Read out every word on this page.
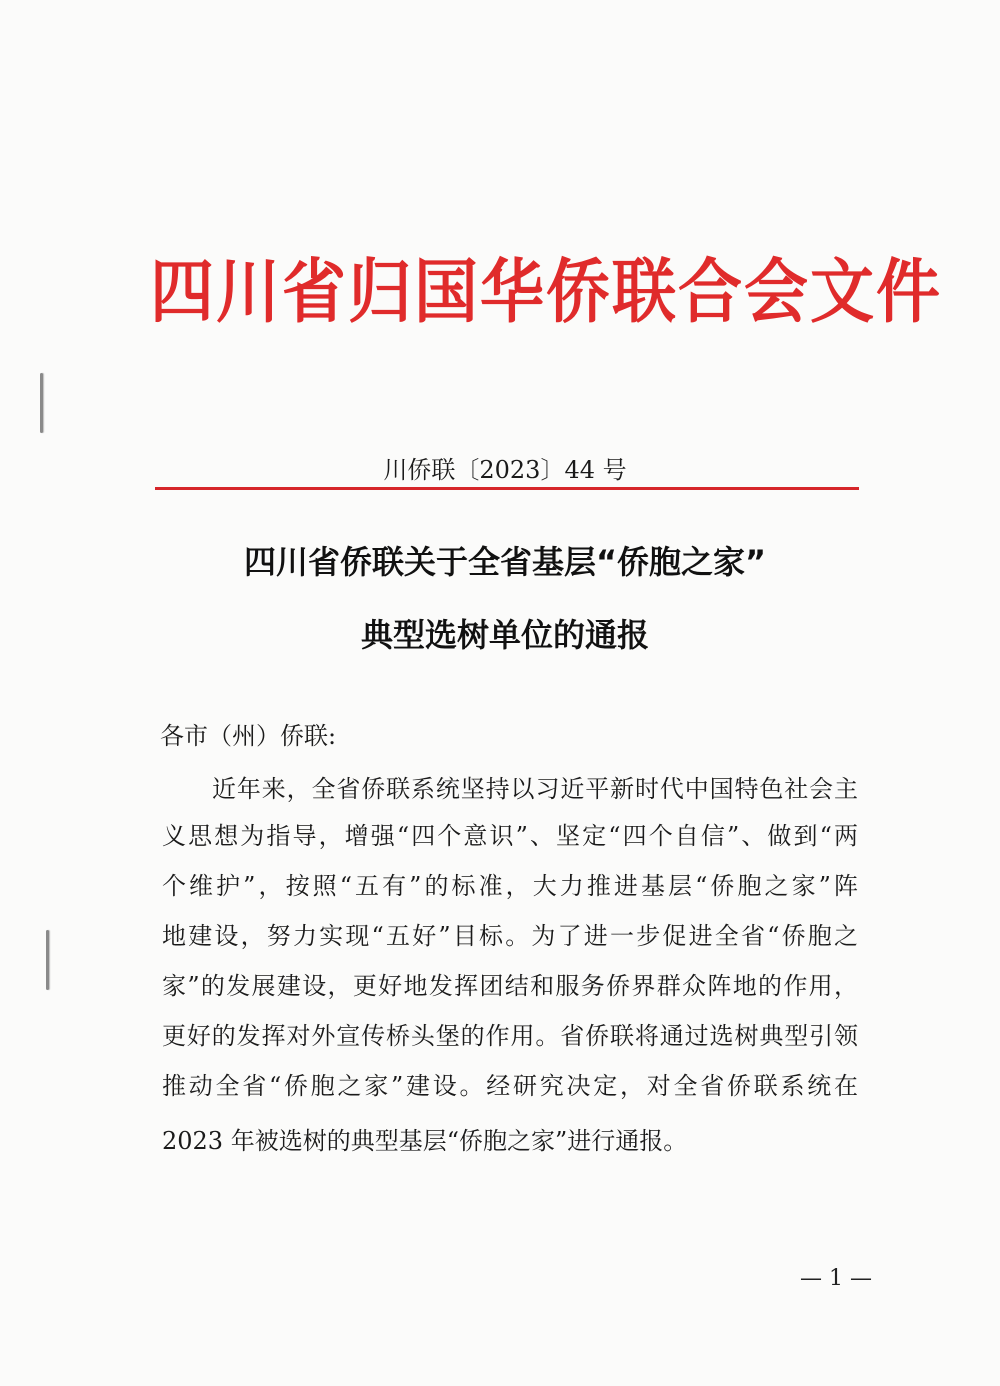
四川省归国华侨联合会文件
川侨联〔2023〕44 号
四川省侨联关于全省基层“侨胞之家”
典型选树单位的通报
各市（州）侨联:
近年来，全省侨联系统坚持以习近平新时代中国特色社会主
义思想为指导，增强“四个意识”、坚定“四个自信”、做到“两
个维护”，按照“五有”的标准，大力推进基层“侨胞之家”阵
地建设，努力实现“五好”目标。为了进一步促进全省“侨胞之
家”的发展建设，更好地发挥团结和服务侨界群众阵地的作用，
更好的发挥对外宣传桥头堡的作用。省侨联将通过选树典型引领
推动全省“侨胞之家”建设。经研究决定，对全省侨联系统在
2023 年被选树的典型基层“侨胞之家”进行通报。
— 1 —
